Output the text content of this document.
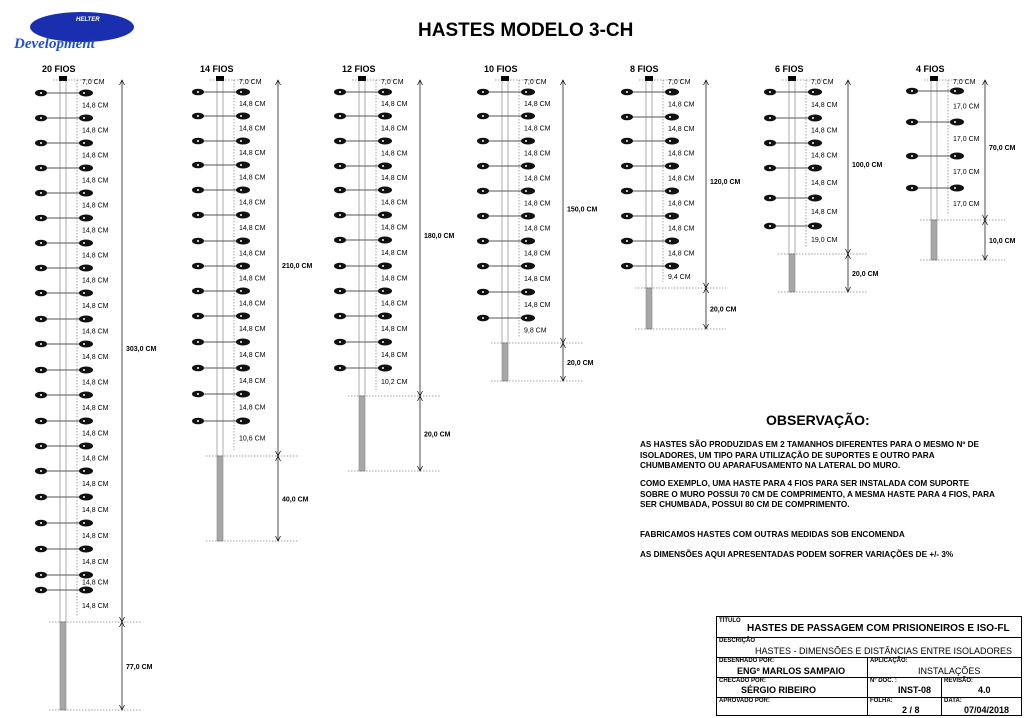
20 FIOS
7,0 CM
14,8 CM
14,8 CM
14,8 CM
14,8 CM
14,8 CM
14,8 CM
14,8 CM
14,8 CM
14,8 CM
14,8 CM
14,8 CM
14,8 CM
14,8 CM
14,8 CM
14,8 CM
14,8 CM
14,8 CM
14,8 CM
14,8 CM
14,8 CM
14,8 CM
303,0 CM
77,0 CM
14 FIOS
7,0 CM
14,8 CM
14,8 CM
14,8 CM
14,8 CM
14,8 CM
14,8 CM
14,8 CM
14,8 CM
14,8 CM
14,8 CM
14,8 CM
14,8 CM
14,8 CM
10,6 CM
210,0 CM
40,0 CM
12 FIOS
7,0 CM
14,8 CM
14,8 CM
14,8 CM
14,8 CM
14,8 CM
14,8 CM
14,8 CM
14,8 CM
14,8 CM
14,8 CM
14,8 CM
10,2 CM
180,0 CM
20,0 CM
10 FIOS
7,0 CM
14,8 CM
14,8 CM
14,8 CM
14,8 CM
14,8 CM
14,8 CM
14,8 CM
14,8 CM
14,8 CM
9,8 CM
150,0 CM
20,0 CM
8 FIOS
7,0 CM
14,8 CM
14,8 CM
14,8 CM
14,8 CM
14,8 CM
14,8 CM
14,8 CM
9,4 CM
120,0 CM
20,0 CM
6 FIOS
7,0 CM
14,8 CM
14,8 CM
14,8 CM
14,8 CM
14,8 CM
19,0 CM
100,0 CM
20,0 CM
4 FIOS
7,0 CM
17,0 CM
17,0 CM
17,0 CM
17,0 CM
70,0 CM
10,0 CM
HELTER
Development
HASTES MODELO 3-CH
OBSERVAÇÃO:
AS HASTES SÃO PRODUZIDAS EM 2 TAMANHOS DIFERENTES PARA O MESMO Nº DE ISOLADORES, UM TIPO PARA UTILIZAÇÃO DE SUPORTES E OUTRO PARA CHUMBAMENTO OU APARAFUSAMENTO NA LATERAL DO MURO.
COMO EXEMPLO, UMA HASTE PARA 4 FIOS PARA SER INSTALADA COM SUPORTE SOBRE O MURO POSSUI 70 CM DE COMPRIMENTO, A MESMA HASTE PARA 4 FIOS, PARA SER CHUMBADA, POSSUI 80 CM DE COMPRIMENTO.
FABRICAMOS HASTES COM OUTRAS MEDIDAS SOB ENCOMENDA
AS DIMENSÕES AQUI APRESENTADAS PODEM SOFRER VARIAÇÕES DE +/- 3%
TÍTULO
HASTES DE PASSAGEM COM PRISIONEIROS E ISO-FL
DESCRIÇÃO
HASTES - DIMENSÕES E DISTÂNCIAS ENTRE ISOLADORES
DESENHADO POR:
ENGº MARLOS SAMPAIO
APLICAÇÃO:
INSTALAÇÕES
CHECADO POR:
SÉRGIO RIBEIRO
Nº DOC. :
INST-08
REVISÃO:
4.0
APROVADO POR:	FOLHA:
2 / 8
DATA:
07/04/2018
